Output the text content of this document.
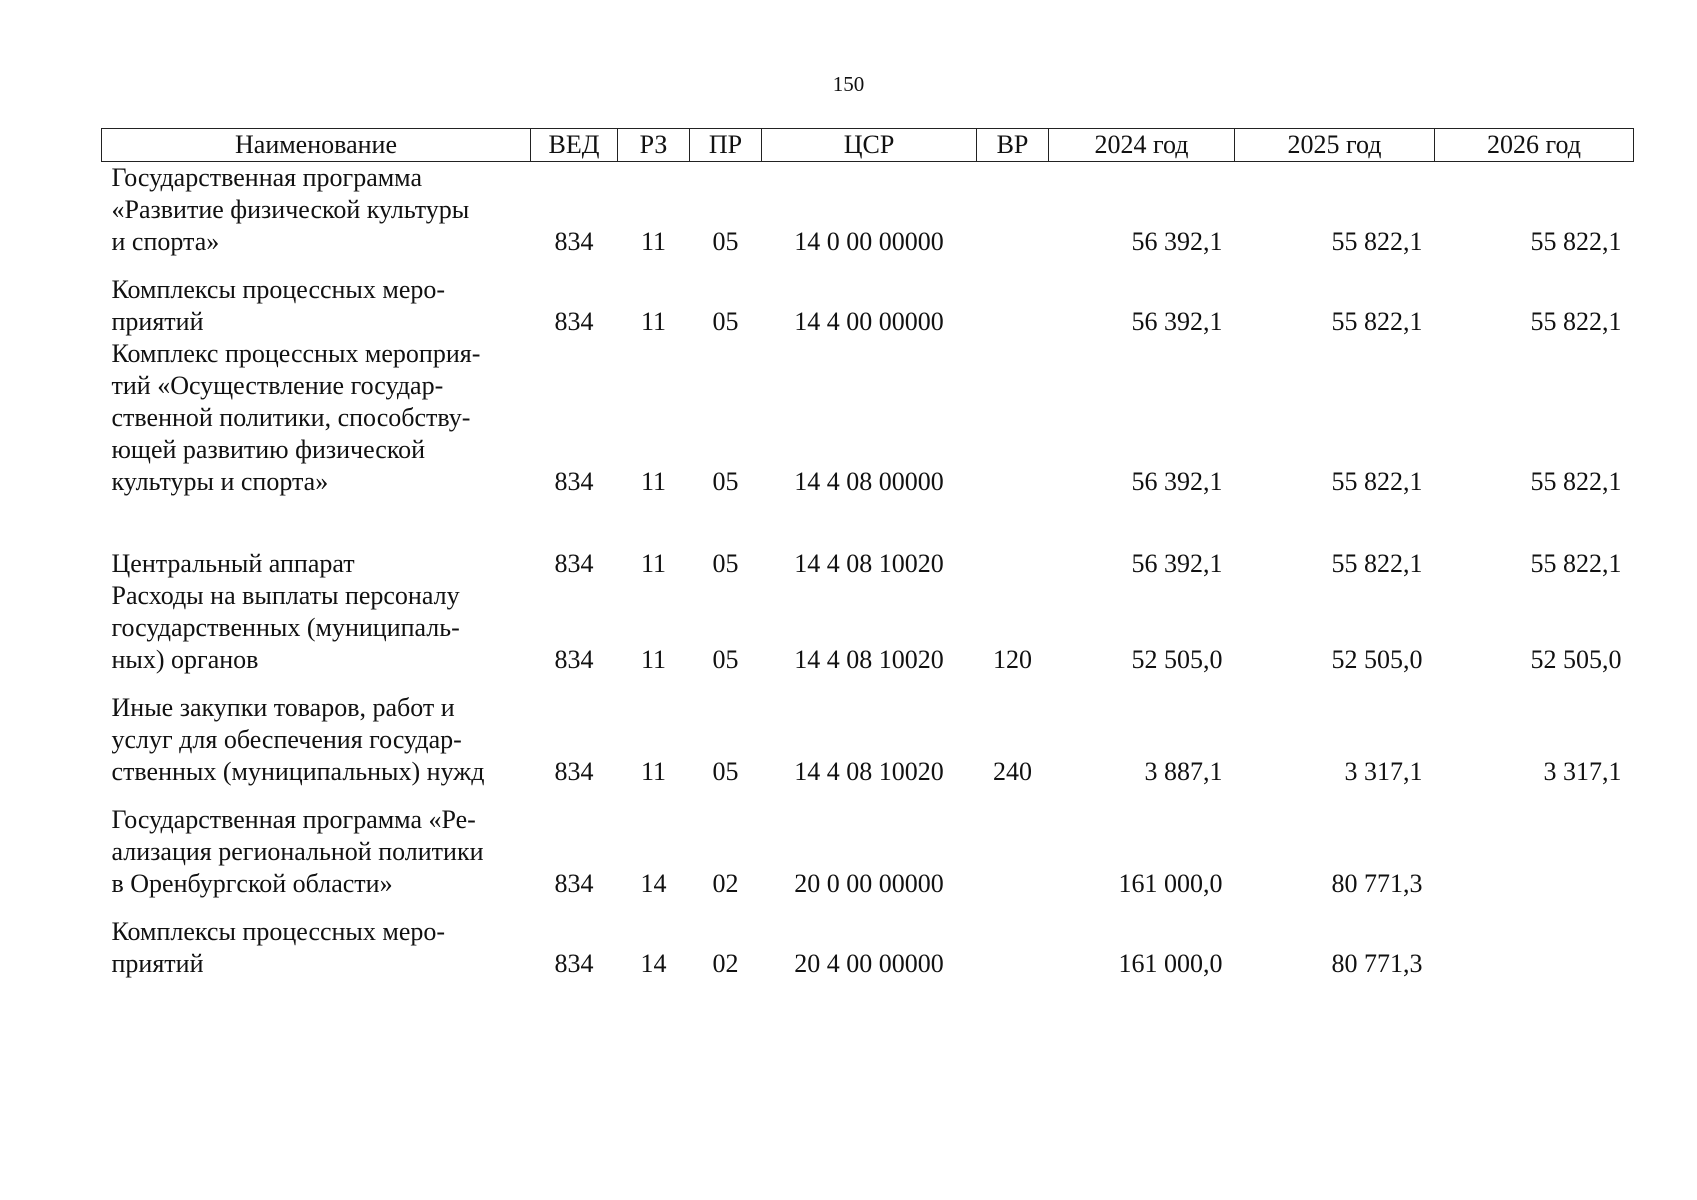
150
Наименование	ВЕД	РЗ	ПР	ЦСР	ВР	2024 год	2025 год	2026 год

Государственная программа
«Развитие физической культуры
и спорта»	834	11	05	14 0 00 00000		56 392,1	55 822,1	55 822,1

Комплексы процессных меро-
приятий	834	11	05	14 4 00 00000		56 392,1	55 822,1	55 822,1

Комплекс процессных мероприя-
тий «Осуществление государ-
ственной политики, способству-
ющей развитию физической
культуры и спорта»	834	11	05	14 4 08 00000		56 392,1	55 822,1	55 822,1

Центральный аппарат	834	11	05	14 4 08 10020		56 392,1	55 822,1	55 822,1

Расходы на выплаты персоналу
государственных (муниципаль-
ных) органов	834	11	05	14 4 08 10020	120	52 505,0	52 505,0	52 505,0

Иные закупки товаров, работ и
услуг для обеспечения государ-
ственных (муниципальных) нужд	834	11	05	14 4 08 10020	240	3 887,1	3 317,1	3 317,1

Государственная программа «Ре-
ализация региональной политики
в Оренбургской области»	834	14	02	20 0 00 00000		161 000,0	80 771,3	

Комплексы процессных меро-
приятий	834	14	02	20 4 00 00000		161 000,0	80 771,3	
